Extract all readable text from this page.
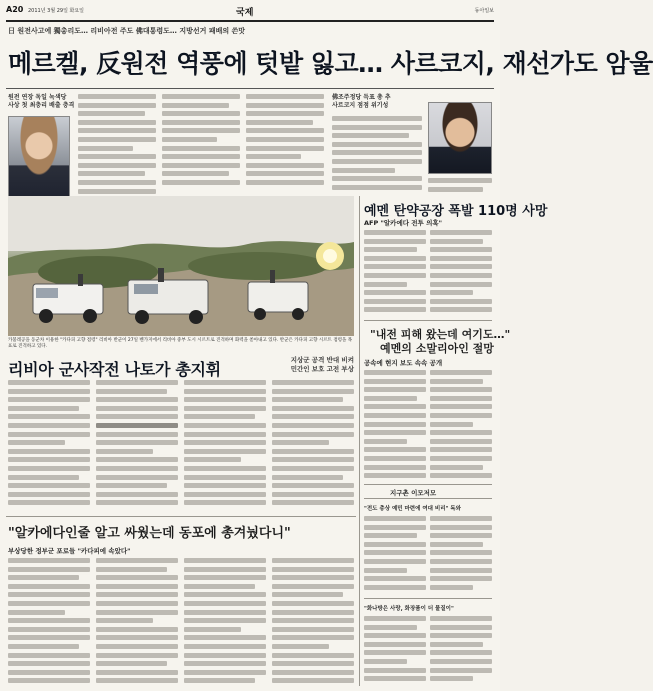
A20 2011년 3월 29일 화요일	국제	동아일보
日 원전사고에 獨총리도… 리비아전 주도 佛대통령도… 지방선거 패배의 쓴맛
메르켈, 反원전 역풍에 텃밭 잃고… 사르코지, 재선가도 암울
원전 연장 독일 녹색당
사상 첫 최충리 배출 충격
佛조주정당 득표 총 추
사르코지 점점 위기성
카불레공을 동군차 이용한 "카다피 고향 점령" 리비아 반군이 27일 벤가지에서 리비아 중부 도시 시르트로 진격하며 화력을 쏟아내고 있다. 반군은 카다피 고향 시르트 점령을 목표로 진격하고 있다.
리비아 군사작전 나토가 총지휘	지상군 공격 반대 비켜
민간인 보호 고전 부상
"알카에다인줄 알고 싸웠는데 동포에 총겨눴다니"
부상당한 정부군 포로들 "카다피에 속았다"
예멘 탄약공장 폭발 110명 사망
AFP "알카에다 전투 의혹"
"내전 피해 왔는데 여기도…"
예멘의 소말리아인 절망
공속에 현지 보도 속속 공개
지구촌 이모저모
"전도 총상 예민 마련에 여대 비리" 독와
"화나방은 사랑, 화장품이 더 물질이"
